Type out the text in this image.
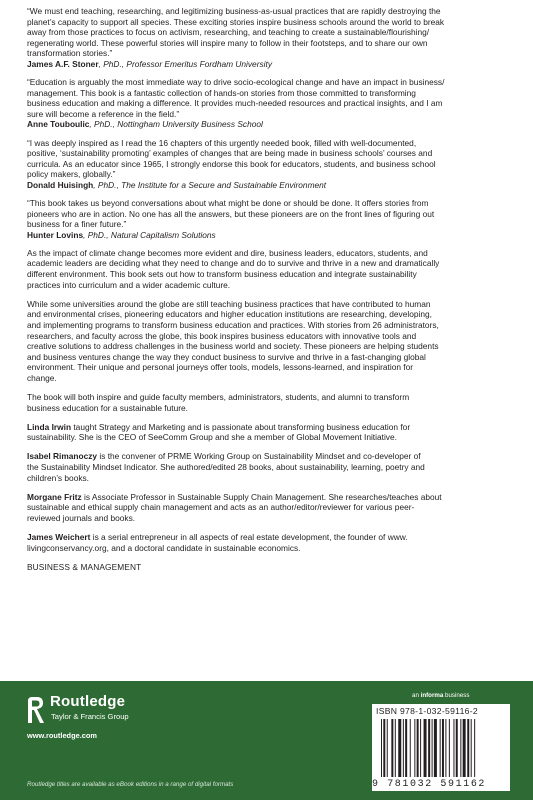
“We must end teaching, researching, and legitimizing business-as-usual practices that are rapidly destroying the
planet’s capacity to support all species. These exciting stories inspire business schools around the world to break
away from those practices to focus on activism, researching, and teaching to create a sustainable/flourishing/
regenerating world. These powerful stories will inspire many to follow in their footsteps, and to share our own
transformation stories.”
James A.F. Stoner, PhD., Professor Emeritus Fordham University
“Education is arguably the most immediate way to drive socio-ecological change and have an impact in business/
management. This book is a fantastic collection of hands-on stories from those committed to transforming
business education and making a difference. It provides much-needed resources and practical insights, and I am
sure will become a reference in the field.”
Anne Touboulic, PhD., Nottingham University Business School
“I was deeply inspired as I read the 16 chapters of this urgently needed book, filled with well-documented,
positive, ‘sustainability promoting’ examples of changes that are being made in business schools’ courses and
curricula. As an educator since 1965, I strongly endorse this book for educators, students, and business school
policy makers, globally.”
Donald Huisingh, PhD., The Institute for a Secure and Sustainable Environment
“This book takes us beyond conversations about what might be done or should be done. It offers stories from
pioneers who are in action. No one has all the answers, but these pioneers are on the front lines of figuring out
business for a finer future.”
Hunter Lovins, PhD., Natural Capitalism Solutions
As the impact of climate change becomes more evident and dire, business leaders, educators, students, and
academic leaders are deciding what they need to change and do to survive and thrive in a new and dramatically
different environment. This book sets out how to transform business education and integrate sustainability
practices into curriculum and a wider academic culture.
While some universities around the globe are still teaching business practices that have contributed to human
and environmental crises, pioneering educators and higher education institutions are researching, developing,
and implementing programs to transform business education and practices. With stories from 26 administrators,
researchers, and faculty across the globe, this book inspires business educators with innovative tools and
creative solutions to address challenges in the business world and society. These pioneers are helping students
and business ventures change the way they conduct business to survive and thrive in a fast-changing global
environment. Their unique and personal journeys offer tools, models, lessons-learned, and inspiration for
change.
The book will both inspire and guide faculty members, administrators, students, and alumni to transform
business education for a sustainable future.
Linda Irwin taught Strategy and Marketing and is passionate about transforming business education for
sustainability. She is the CEO of SeeComm Group and she a member of Global Movement Initiative.
Isabel Rimanoczy is the convener of PRME Working Group on Sustainability Mindset and co-developer of
the Sustainability Mindset Indicator. She authored/edited 28 books, about sustainability, learning, poetry and
children’s books.
Morgane Fritz is Associate Professor in Sustainable Supply Chain Management. She researches/teaches about
sustainable and ethical supply chain management and acts as an author/editor/reviewer for various peer-
reviewed journals and books.
James Weichert is a serial entrepreneur in all aspects of real estate development, the founder of www.
livingconservancy.org, and a doctoral candidate in sustainable economics.
BUSINESS & MANAGEMENT
Routledge
Taylor & Francis Group
www.routledge.com
Routledge titles are available as eBook editions in a range of digital formats
an informa business
ISBN 978-1-032-59116-2
9 781032 591162
